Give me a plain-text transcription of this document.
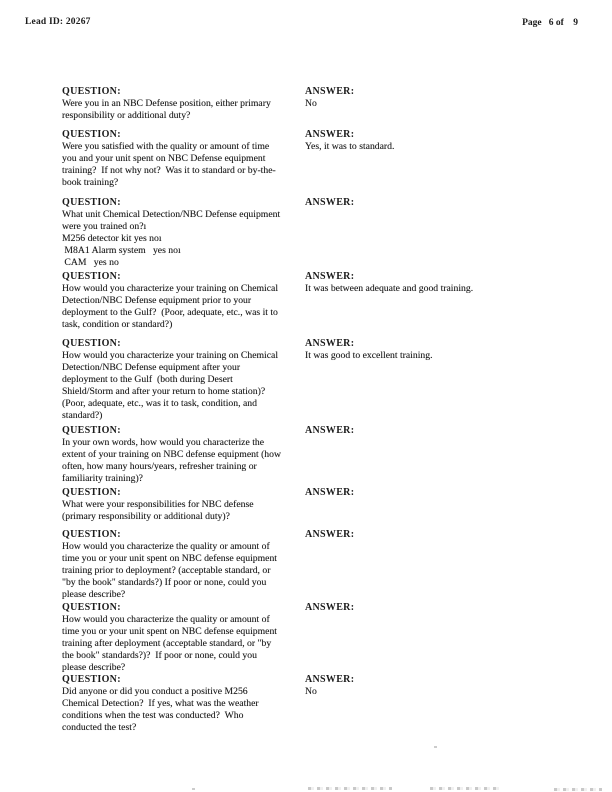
Lead ID: 20267	Page   6 of    9
QUESTION:
Were you in an NBC Defense position, either primary
responsibility or additional duty?
ANSWER:
No
QUESTION:
Were you satisfied with the quality or amount of time
you and your unit spent on NBC Defense equipment
training?  If not why not?  Was it to standard or by-the-
book training?
ANSWER:
Yes, it was to standard.
QUESTION:
What unit Chemical Detection/NBC Defense equipment
were you trained on?ı
M256 detector kit yes noı
M8A1 Alarm system   yes noı
CAM   yes no
ANSWER:
QUESTION:
How would you characterize your training on Chemical
Detection/NBC Defense equipment prior to your
deployment to the Gulf?  (Poor, adequate, etc., was it to
task, condition or standard?)
ANSWER:
It was between adequate and good training.
QUESTION:
How would you characterize your training on Chemical
Detection/NBC Defense equipment after your
deployment to the Gulf  (both during Desert
Shield/Storm and after your return to home station)?
(Poor, adequate, etc., was it to task, condition, and
standard?)
ANSWER:
It was good to excellent training.
QUESTION:
In your own words, how would you characterize the
extent of your training on NBC defense equipment (how
often, how many hours/years, refresher training or
familiarity training)?
ANSWER:
QUESTION:
What were your responsibilities for NBC defense
(primary responsibility or additional duty)?
ANSWER:
QUESTION:
How would you characterize the quality or amount of
time you or your unit spent on NBC defense equipment
training prior to deployment? (acceptable standard, or
"by the book" standards?) If poor or none, could you
please describe?
ANSWER:
QUESTION:
How would you characterize the quality or amount of
time you or your unit spent on NBC defense equipment
training after deployment (acceptable standard, or "by
the book" standards?)?  If poor or none, could you
please describe?
ANSWER:
QUESTION:
Did anyone or did you conduct a positive M256
Chemical Detection?  If yes, what was the weather
conditions when the test was conducted?  Who
conducted the test?
ANSWER:
No
